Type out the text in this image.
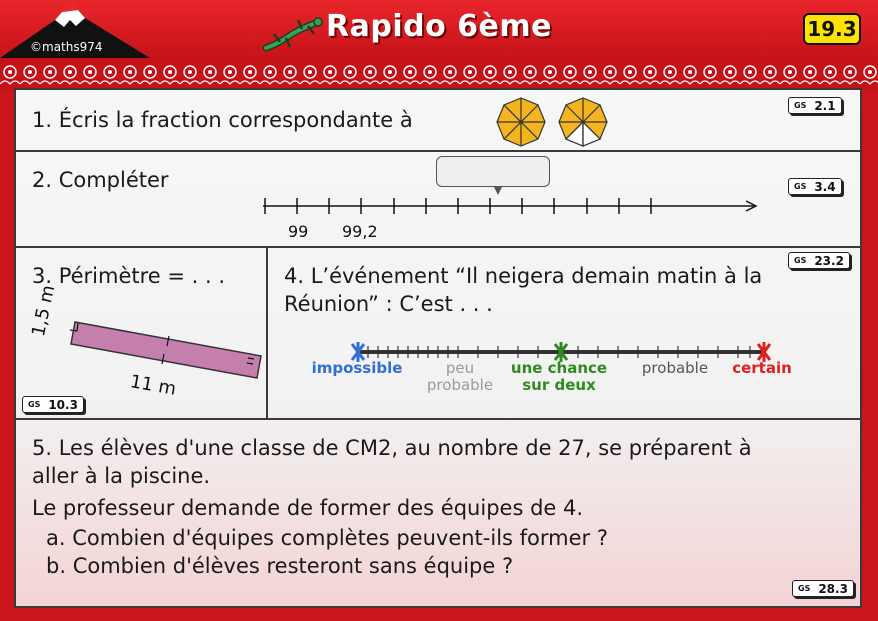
©maths974
Rapido 6ème	19.3
1. Écris la fraction correspondante à
GS 2.1
2. Compléter
99 99,2
GS 3.4
3. Périmètre = . . .
1,5 m
11 m
GS 10.3
4. L’événement “Il neigera demain matin à la
Réunion” : C’est . . .
impossible	peu
probable
une chance
sur deux
probable	certain
GS 23.2
5. Les élèves d'une classe de CM2, au nombre de 27, se préparent à
aller à la piscine.
Le professeur demande de former des équipes de 4.
a. Combien d'équipes complètes peuvent-ils former ?
b. Combien d'élèves resteront sans équipe ?
GS 28.3
